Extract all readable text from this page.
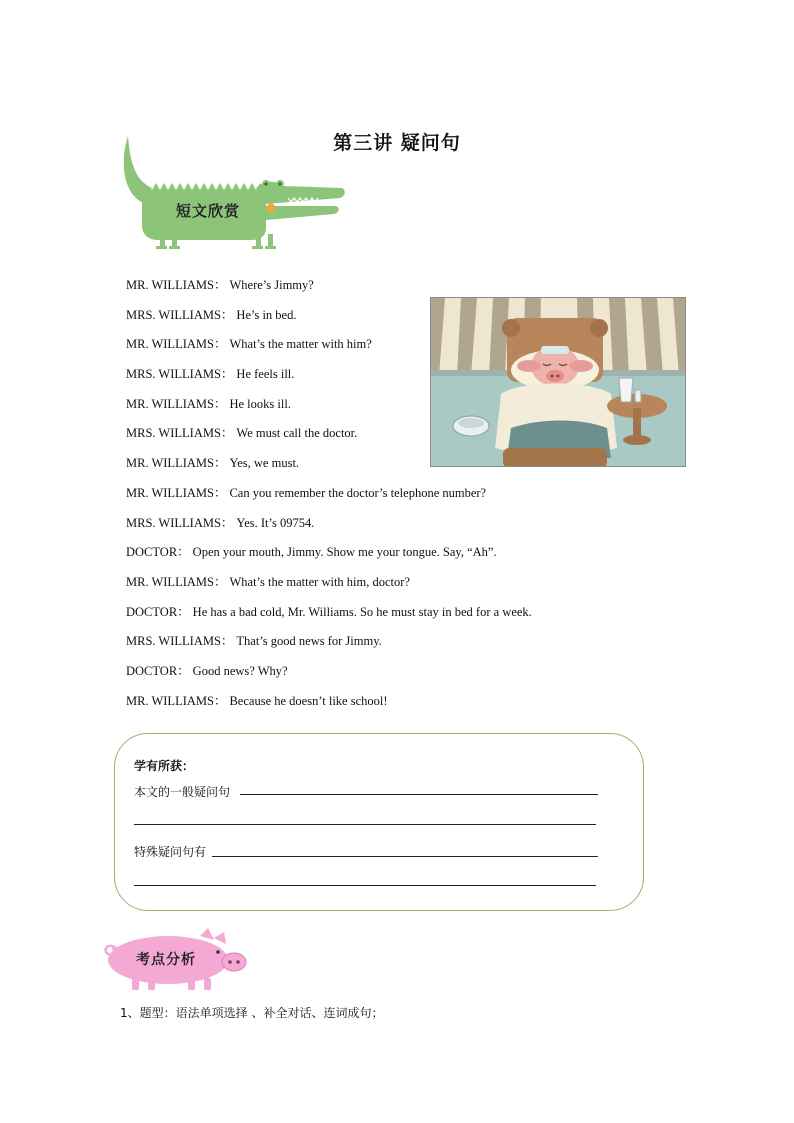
第三讲 疑问句
短文欣赏
MR. WILLIAMS： Where’s Jimmy?
MRS. WILLIAMS： He’s in bed.
MR. WILLIAMS： What’s the matter with him?
MRS. WILLIAMS： He feels ill.
MR. WILLIAMS： He looks ill.
MRS. WILLIAMS： We must call the doctor.
MR. WILLIAMS： Yes, we must.
MR. WILLIAMS： Can you remember the doctor’s telephone number?
MRS. WILLIAMS： Yes. It’s 09754.
DOCTOR： Open your mouth, Jimmy. Show me your tongue. Say, “Ah”.
MR. WILLIAMS： What’s the matter with him, doctor?
DOCTOR： He has a bad cold, Mr. Williams. So he must stay in bed for a week.
MRS. WILLIAMS： That’s good news for Jimmy.
DOCTOR： Good news? Why?
MR. WILLIAMS： Because he doesn’t like school!
学有所获：
本文的一般疑问句
特殊疑问句有
考点分析
1、题型：语法单项选择 、补全对话、连词成句；
